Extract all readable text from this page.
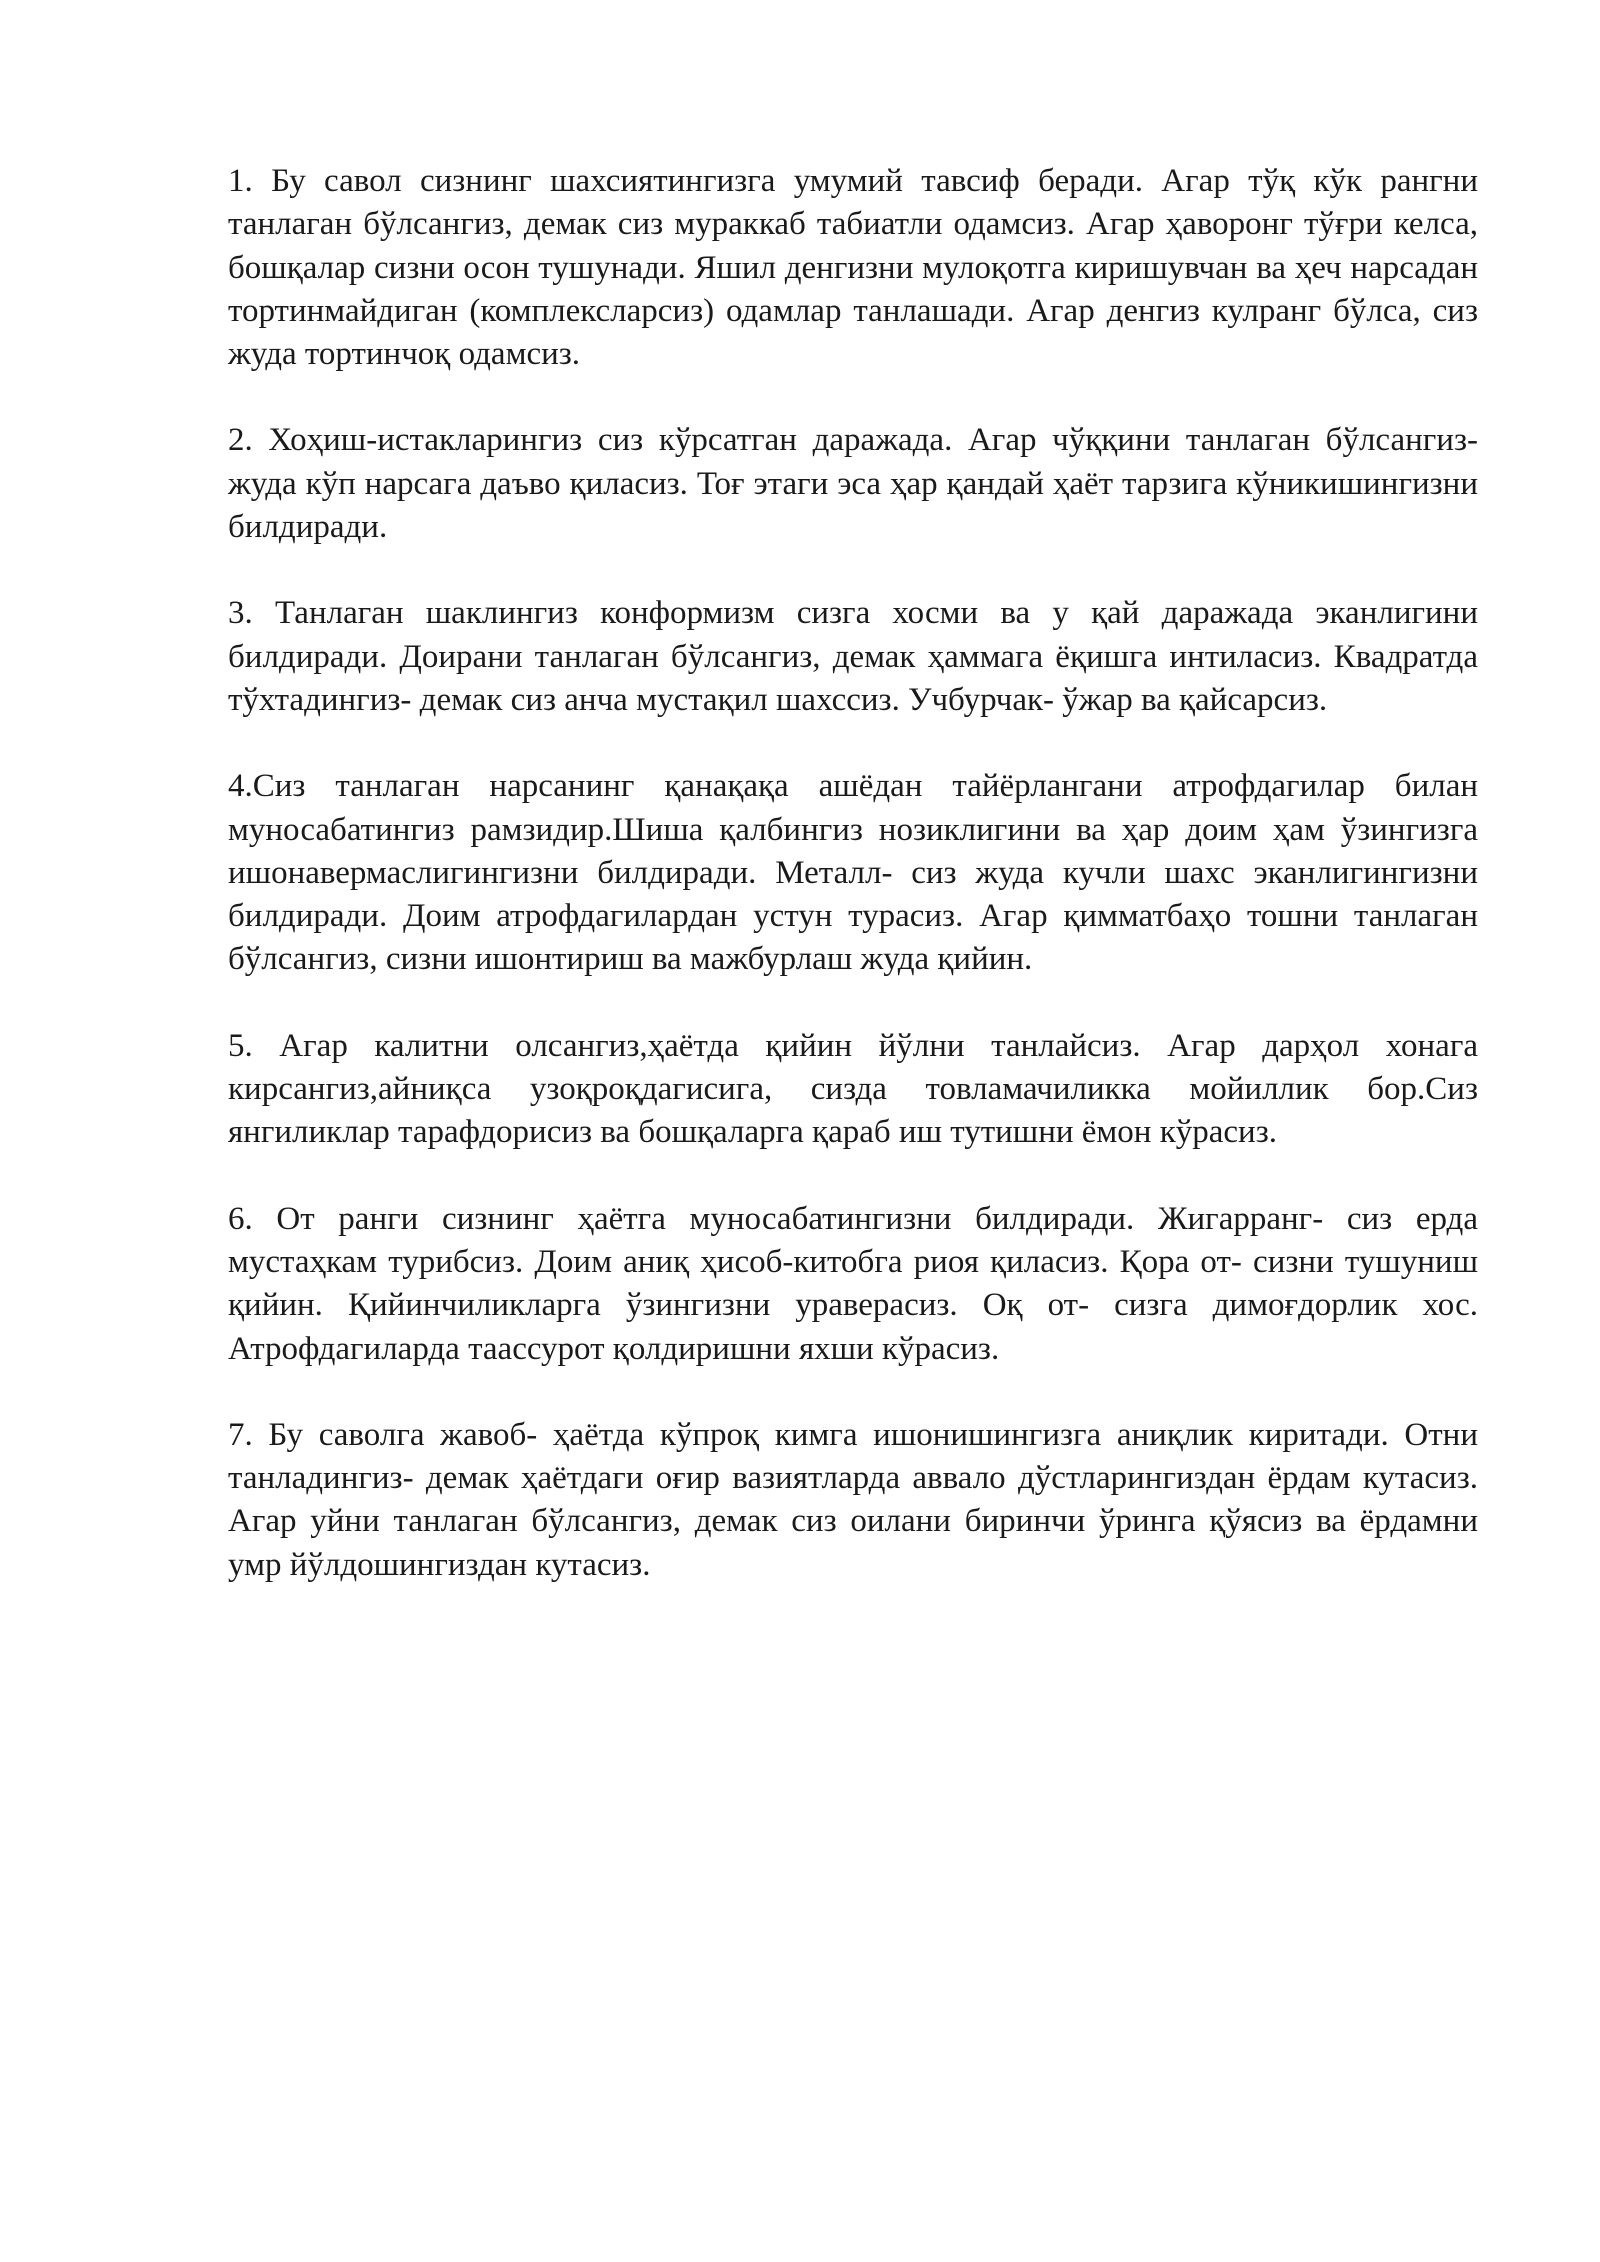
1. Бу савол сизнинг шахсиятингизга умумий тавсиф беради. Агар тўқ кўк рангни танлаган бўлсангиз, демак сиз мураккаб табиатли одамсиз. Агар ҳаворонг тўғри келса, бошқалар сизни осон тушунади. Яшил денгизни мулоқотга киришувчан ва ҳеч нарсадан тортинмайдиган (комплексларсиз) одамлар танлашади. Агар денгиз кулранг бўлса, сиз жуда тортинчоқ одамсиз.

2. Хоҳиш-истакларингиз сиз кўрсатган даражада. Агар чўққини танлаган бўлсангиз- жуда кўп нарсага даъво қиласиз. Тоғ этаги эса ҳар қандай ҳаёт тарзига кўникишингизни билдиради.

3. Танлаган шаклингиз конформизм сизга хосми ва у қай даражада эканлигини билдиради. Доирани танлаган бўлсангиз, демак ҳаммага ёқишга интиласиз. Квадратда тўхтадингиз- демак сиз анча мустақил шахссиз. Учбурчак- ўжар ва қайсарсиз.

4.Сиз танлаган нарсанинг қанақақа ашёдан тайёрлангани атрофдагилар билан муносабатингиз рамзидир.Шиша қалбингиз нозиклигини ва ҳар доим ҳам ўзингизга ишонавермаслигингизни билдиради. Металл- сиз жуда кучли шахс эканлигингизни билдиради. Доим атрофдагилардан устун турасиз. Агар қимматбаҳо тошни танлаган бўлсангиз, сизни ишонтириш ва мажбурлаш жуда қийин.

5. Агар калитни олсангиз,ҳаётда қийин йўлни танлайсиз. Агар дарҳол хонага кирсангиз,айниқса узоқроқдагисига, сизда товламачиликка мойиллик бор.Сиз янгиликлар тарафдорисиз ва бошқаларга қараб иш тутишни ёмон кўрасиз.

6. От ранги сизнинг ҳаётга муносабатингизни билдиради. Жигарранг- сиз ерда мустаҳкам турибсиз. Доим аниқ ҳисоб-китобга риоя қиласиз. Қора от- сизни тушуниш қийин. Қийинчиликларга ўзингизни ураверасиз. Оқ от- сизга димоғдорлик хос. Атрофдагиларда таассурот қолдиришни яхши кўрасиз.

7. Бу саволга жавоб- ҳаётда кўпроқ кимга ишонишингизга аниқлик киритади. Отни танладингиз- демак ҳаётдаги оғир вазиятларда аввало дўстларингиздан ёрдам кутасиз. Агар уйни танлаган бўлсангиз, демак сиз оилани биринчи ўринга қўясиз ва ёрдамни умр йўлдошингиздан кутасиз.
